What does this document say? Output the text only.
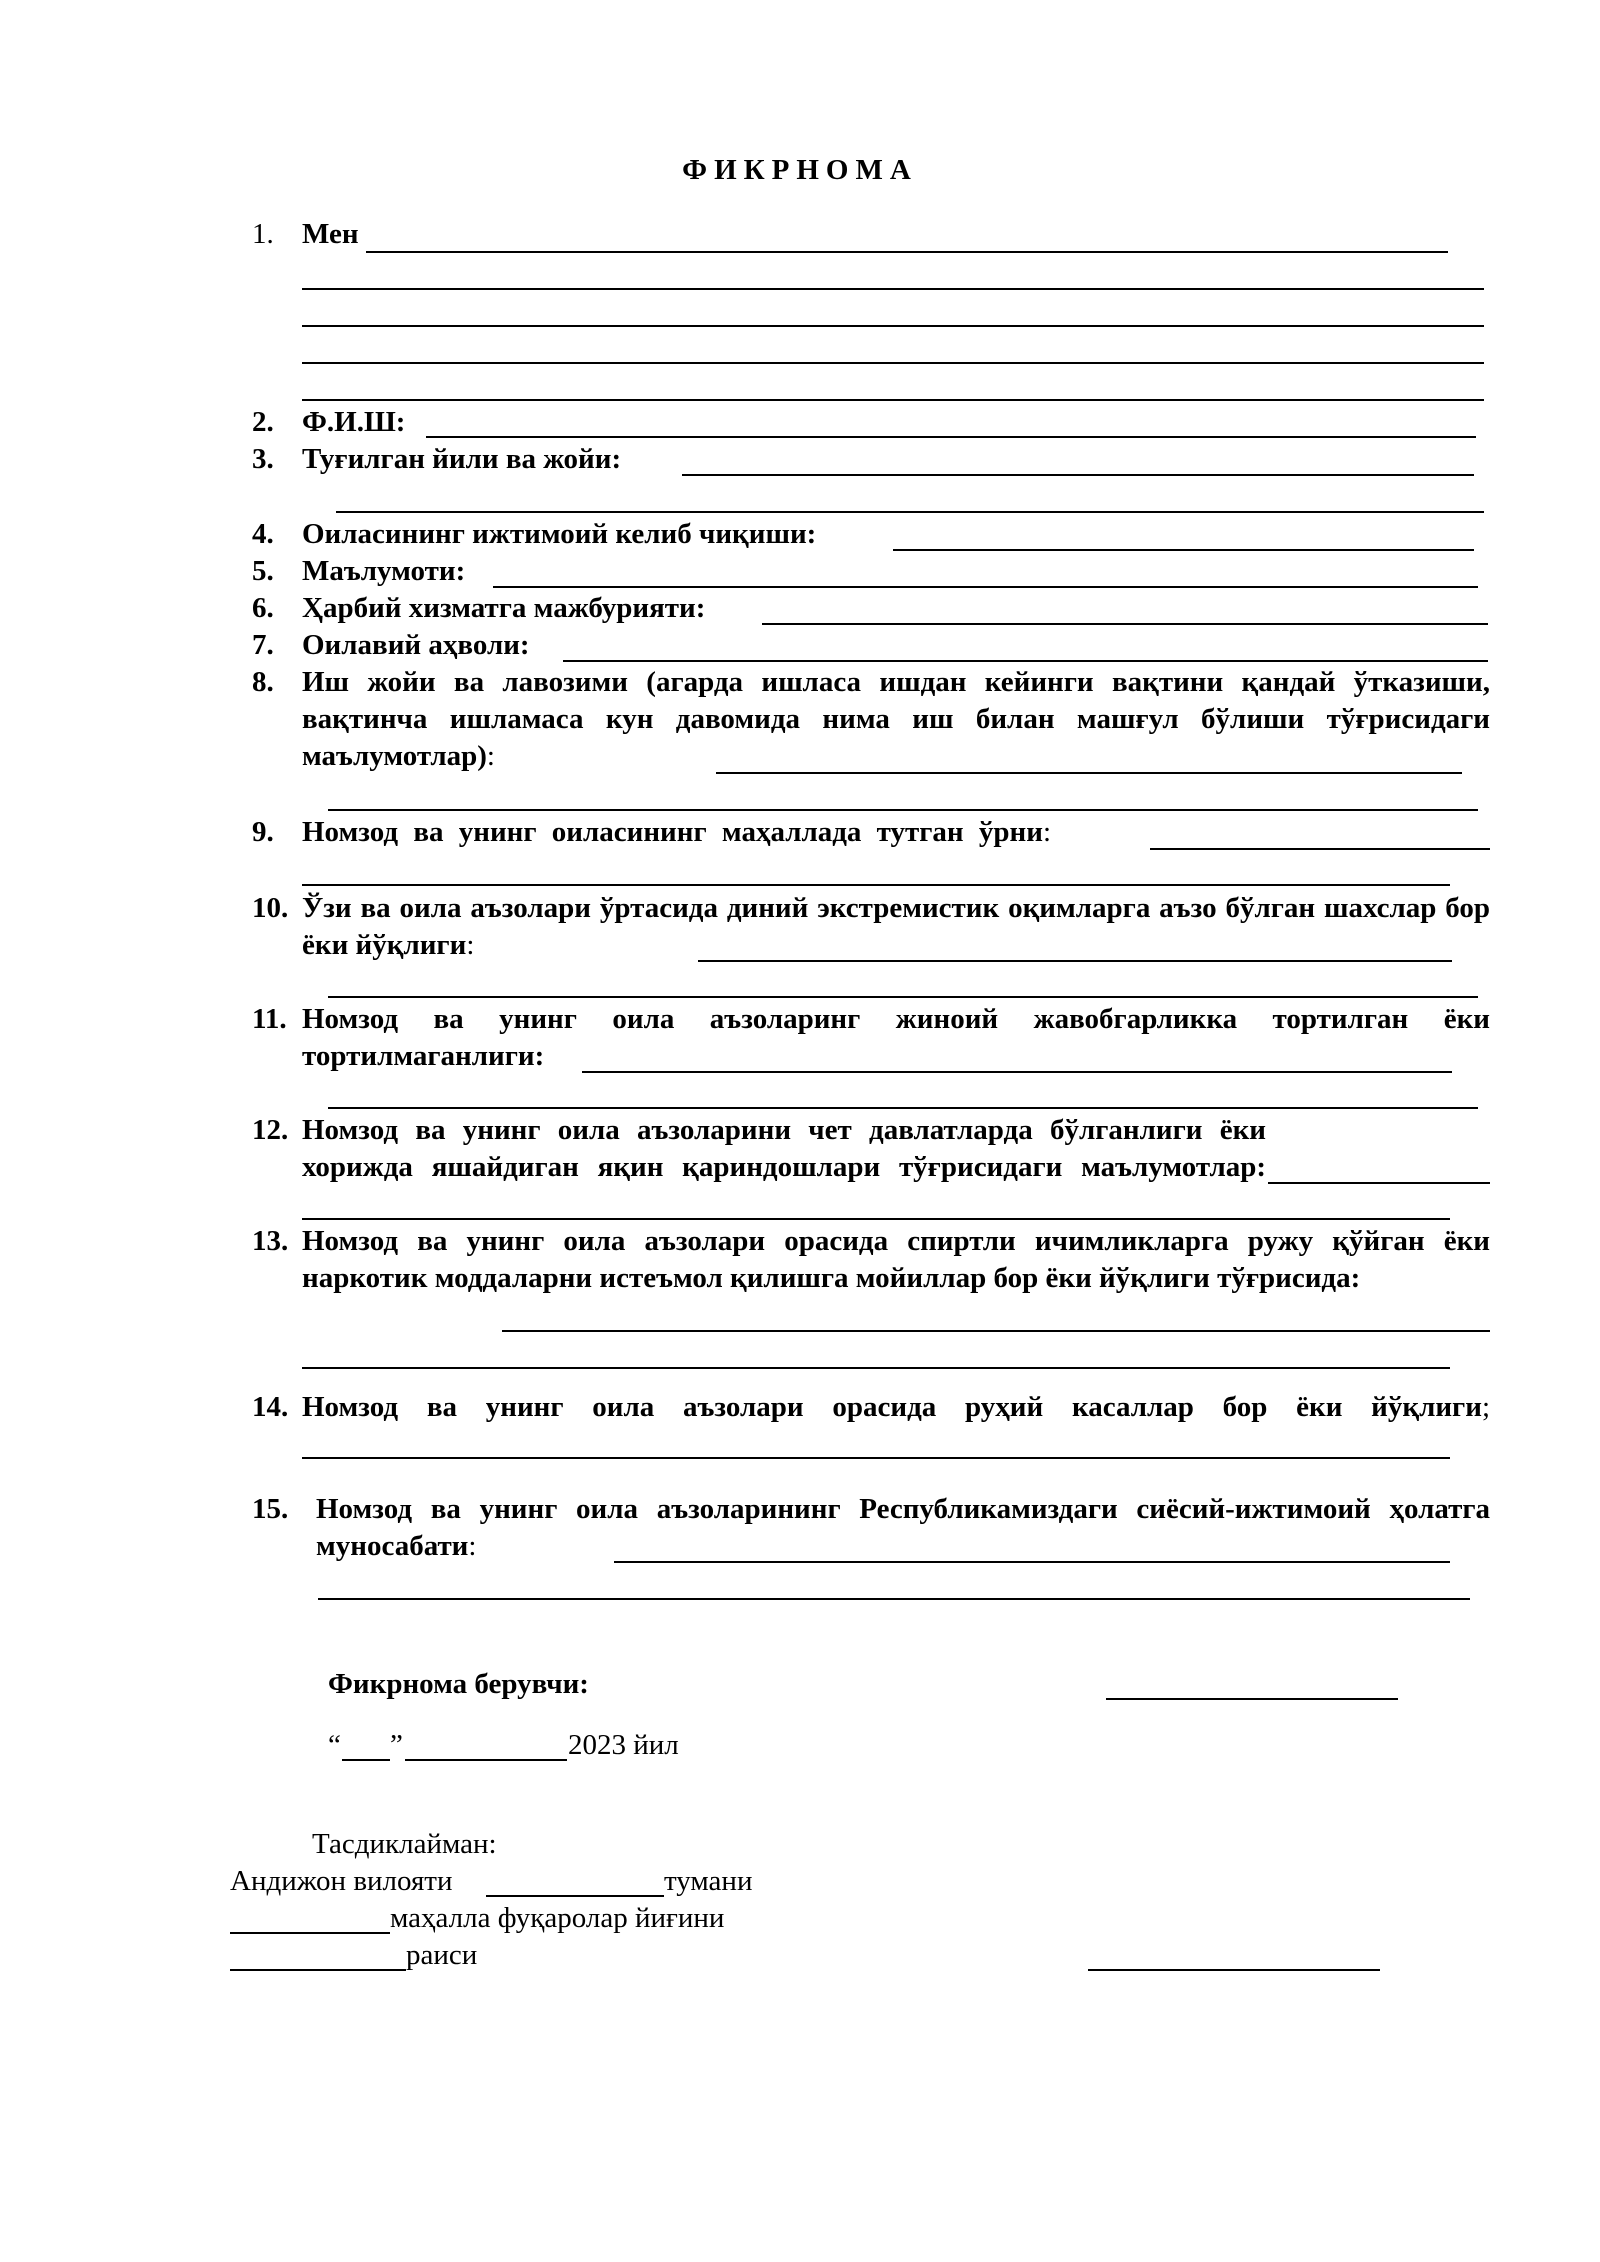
ФИКРНОМА
1. Мен
2. Ф.И.Ш:
3. Туғилган йили ва жойи:
4. Оиласининг ижтимоий келиб чиқиши:
5. Маълумоти:
6. Ҳарбий хизматга мажбурияти:
7. Оилавий аҳволи:
8. Иш жойи ва лавозими (агарда ишласа ишдан кейинги вақтини қандай ўтказиши, вақтинча ишламаса кун давомида нима иш билан машғул бўлиши тўғрисидаги маълумотлар):
9. Номзод ва унинг оиласининг маҳаллада тутган ўрни:
10. Ўзи ва оила аъзолари ўртасида диний экстремистик оқимларга аъзо бўлган шахслар бор ёки йўқлиги:
11. Номзод ва унинг оила аъзоларинг жиноий жавобгарликка тортилган ёки тортилмаганлиги:
12. Номзод ва унинг оила аъзоларини чет давлатларда бўлганлиги ёки хорижда яшайдиган яқин қариндошлари тўғрисидаги маълумотлар:
13. Номзод ва унинг оила аъзолари орасида спиртли ичимликларга ружу қўйган ёки наркотик моддаларни истеъмол қилишга мойиллар бор ёки йўқлиги тўғрисида:
14. Номзод ва унинг оила аъзолари орасида руҳий касаллар бор ёки йўқлиги;
15. Номзод ва унинг оила аъзоларининг Республикамиздаги сиёсий-ижтимоий ҳолатга муносабати:
Фикрнома берувчи:
“ ”	2023 йил
Тасдиклайман:
Андижон вилояти	тумани
маҳалла фуқаролар йиғини
раиси
